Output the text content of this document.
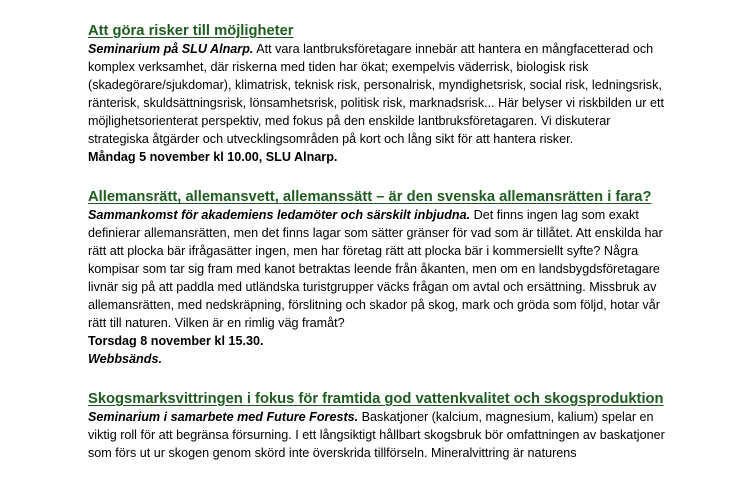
Att göra risker till möjligheter

Seminarium på SLU Alnarp. Att vara lantbruksföretagare innebär att hantera en mångfacetterad och komplex verksamhet, där riskerna med tiden har ökat; exempelvis väderrisk, biologisk risk (skadegörare/sjukdomar), klimatrisk, teknisk risk, personalrisk, myndighetsrisk, social risk, ledningsrisk, ränterisk, skuldsättningsrisk, lönsamhetsrisk, politisk risk, marknadsrisk... Här belyser vi riskbilden ur ett möjlighetsorienterat perspektiv, med fokus på den enskilde lantbruksföretagaren. Vi diskuterar strategiska åtgärder och utvecklingsområden på kort och lång sikt för att hantera risker.

Måndag 5 november kl 10.00, SLU Alnarp.
Allemansrätt, allemansvett, allemanssätt – är den svenska allemansrätten i fara?

Sammankomst för akademiens ledamöter och särskilt inbjudna. Det finns ingen lag som exakt definierar allemansrätten, men det finns lagar som sätter gränser för vad som är tillåtet. Att enskilda har rätt att plocka bär ifrågasätter ingen, men har företag rätt att plocka bär i kommersiellt syfte? Några kompisar som tar sig fram med kanot betraktas leende från åkanten, men om en landsbygdsföretagare livnär sig på att paddla med utländska turistgrupper väcks frågan om avtal och ersättning. Missbruk av allemansrätten, med nedskräpning, förslitning och skador på skog, mark och gröda som följd, hotar vår rätt till naturen. Vilken är en rimlig väg framåt?

Torsdag 8 november kl 15.30.
Webbsänds.
Skogsmarksvittringen i fokus för framtida god vattenkvalitet och skogsproduktion

Seminarium i samarbete med Future Forests. Baskatjoner (kalcium, magnesium, kalium) spelar en viktig roll för att begränsa försurning. I ett långsiktigt hållbart skogsbruk bör omfattningen av baskatjoner som förs ut ur skogen genom skörd inte överskrida tillförseln. Mineralvittring är naturens
